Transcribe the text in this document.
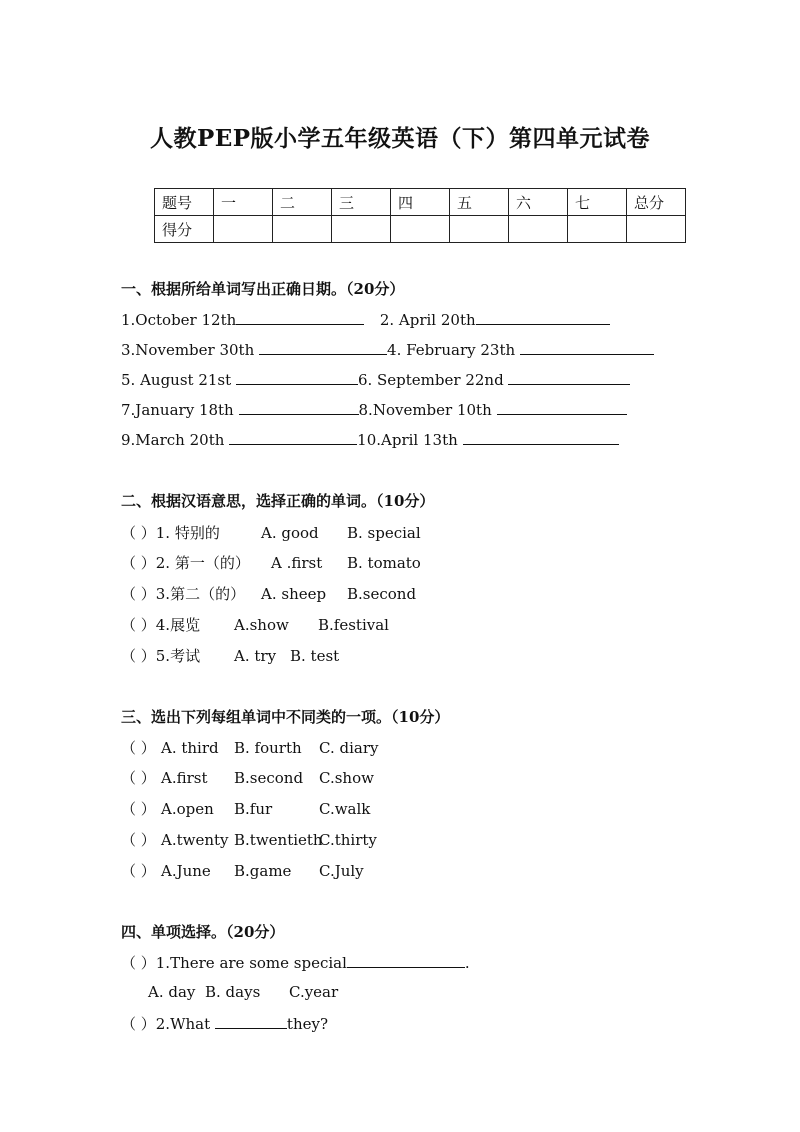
人教PEP版小学五年级英语（下）第四单元试卷
题号	一	二	三	四	五	六	七	总分
得分								
一、根据所给单词写出正确日期。（20分）
1.October 12th	2. April 20th
3.November 30th	4. February 23th
5. August 21st	6. September 22nd
7.January 18th	8.November 10th
9.March 20th	10.April 13th
二、根据汉语意思，选择正确的单词。（10分）
（ ）1. 特别的	A. good B. special
（ ）2. 第一（的） A .first B. tomato
（ ）3.第二（的） A. sheep B.second
（ ）4.展览 A.show B.festival
（ ）5.考试 A. try B. test
三、选出下列每组单词中不同类的一项。（10分）
（ ） A. third B. fourth C. diary
（ ） A.first B.second C.show
（ ） A.open B.fur	C.walk
（ ） A.twenty B.twentiethC.thirty
（ ） A.June B.game C.July
四、单项选择。（20分）
（ ）1.There are some special	.
A. day B. days C.year
（ ）2.What	they?
